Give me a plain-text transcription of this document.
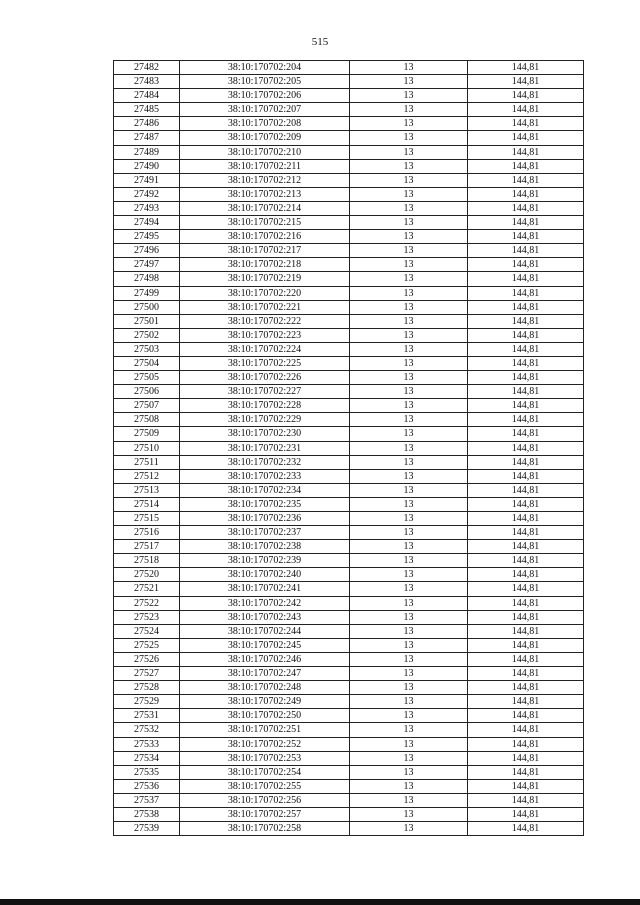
515
27482	38:10:170702:204	13	144,81
27483	38:10:170702:205	13	144,81
27484	38:10:170702:206	13	144,81
27485	38:10:170702:207	13	144,81
27486	38:10:170702:208	13	144,81
27487	38:10:170702:209	13	144,81
27489	38:10:170702:210	13	144,81
27490	38:10:170702:211	13	144,81
27491	38:10:170702:212	13	144,81
27492	38:10:170702:213	13	144,81
27493	38:10:170702:214	13	144,81
27494	38:10:170702:215	13	144,81
27495	38:10:170702:216	13	144,81
27496	38:10:170702:217	13	144,81
27497	38:10:170702:218	13	144,81
27498	38:10:170702:219	13	144,81
27499	38:10:170702:220	13	144,81
27500	38:10:170702:221	13	144,81
27501	38:10:170702:222	13	144,81
27502	38:10:170702:223	13	144,81
27503	38:10:170702:224	13	144,81
27504	38:10:170702:225	13	144,81
27505	38:10:170702:226	13	144,81
27506	38:10:170702:227	13	144,81
27507	38:10:170702:228	13	144,81
27508	38:10:170702:229	13	144,81
27509	38:10:170702:230	13	144,81
27510	38:10:170702:231	13	144,81
27511	38:10:170702:232	13	144,81
27512	38:10:170702:233	13	144,81
27513	38:10:170702:234	13	144,81
27514	38:10:170702:235	13	144,81
27515	38:10:170702:236	13	144,81
27516	38:10:170702:237	13	144,81
27517	38:10:170702:238	13	144,81
27518	38:10:170702:239	13	144,81
27520	38:10:170702:240	13	144,81
27521	38:10:170702:241	13	144,81
27522	38:10:170702:242	13	144,81
27523	38:10:170702:243	13	144,81
27524	38:10:170702:244	13	144,81
27525	38:10:170702:245	13	144,81
27526	38:10:170702:246	13	144,81
27527	38:10:170702:247	13	144,81
27528	38:10:170702:248	13	144,81
27529	38:10:170702:249	13	144,81
27531	38:10:170702:250	13	144,81
27532	38:10:170702:251	13	144,81
27533	38:10:170702:252	13	144,81
27534	38:10:170702:253	13	144,81
27535	38:10:170702:254	13	144,81
27536	38:10:170702:255	13	144,81
27537	38:10:170702:256	13	144,81
27538	38:10:170702:257	13	144,81
27539	38:10:170702:258	13	144,81
